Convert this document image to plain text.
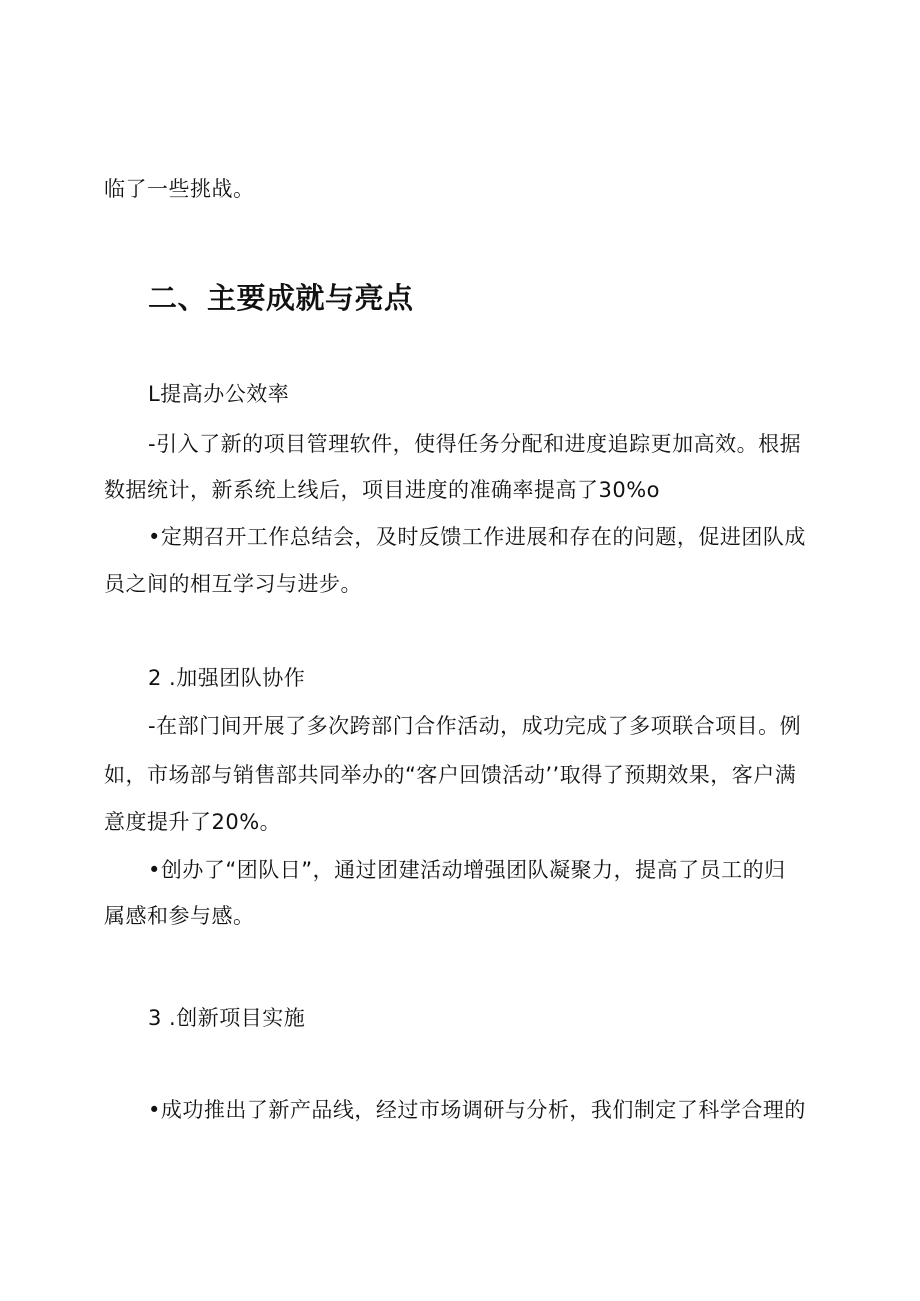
临了一些挑战。
二、主要成就与亮点
L提高办公效率
-引入了新的项目管理软件，使得任务分配和进度追踪更加高效。根据
数据统计，新系统上线后，项目进度的准确率提高了30%o
•定期召开工作总结会，及时反馈工作进展和存在的问题，促进团队成
员之间的相互学习与进步。
2 .加强团队协作
-在部门间开展了多次跨部门合作活动，成功完成了多项联合项目。例
如，市场部与销售部共同举办的“客户回馈活动’’取得了预期效果，客户满
意度提升了20%。
•创办了“团队日”，通过团建活动增强团队凝聚力，提高了员工的归
属感和参与感。
3 .创新项目实施
•成功推出了新产品线，经过市场调研与分析，我们制定了科学合理的
